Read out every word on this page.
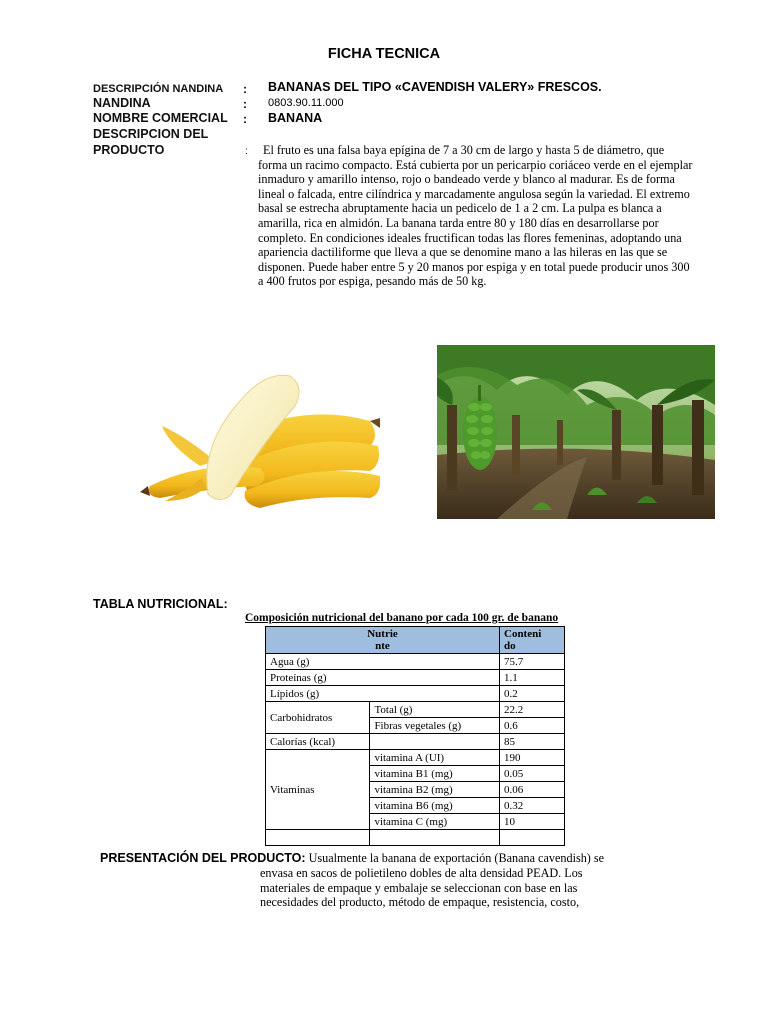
FICHA TECNICA
DESCRIPCIÓN NANDINA : BANANAS DEL TIPO «CAVENDISH VALERY» FRESCOS.
NANDINA	: 0803.90.11.000
NOMBRE COMERCIAL : BANANA
DESCRIPCION DEL
PRODUCTO	:	El fruto es una falsa baya epígina de 7 a 30 cm de largo y hasta 5 de diámetro, que forma un racimo compacto. Está cubierta por un pericarpio coriáceo verde en el ejemplar inmaduro y amarillo intenso, rojo o bandeado verde y blanco al madurar. Es de forma lineal o falcada, entre cilíndrica y marcadamente angulosa según la variedad. El extremo basal se estrecha abruptamente hacia un pedicelo de 1 a 2 cm. La pulpa es blanca a amarilla, rica en almidón. La banana tarda entre 80 y 180 días en desarrollarse por completo. En condiciones ideales fructifican todas las flores femeninas, adoptando una apariencia dactiliforme que lleva a que se denomine mano a las hileras en las que se disponen. Puede haber entre 5 y 20 manos por espiga y en total puede producir unos 300 a 400 frutos por espiga, pesando más de 50 kg.
TABLA NUTRICIONAL:
Composición nutricional del banano por cada 100 gr. de banano
Nutrie
nte		Conteni
do
Agua (g)		75.7
Proteínas (g)		1.1
Lípidos (g)		0.2
Carbohidratos	Total (g)	22.2
	Fibras vegetales (g)	0.6
Calorías (kcal)		85
Vitaminas	vitamina A (UI)	190
	vitamina B1 (mg)	0.05
	vitamina B2 (mg)	0.06
	vitamina B6 (mg)	0.32
	vitamina C (mg)	10

PRESENTACIÓN DEL PRODUCTO: Usualmente la banana de exportación (Banana cavendish) se

envasa en sacos de polietileno dobles de alta densidad PEAD. Los

materiales de empaque y embalaje se seleccionan con base en las

necesidades del producto, método de empaque, resistencia, costo,
